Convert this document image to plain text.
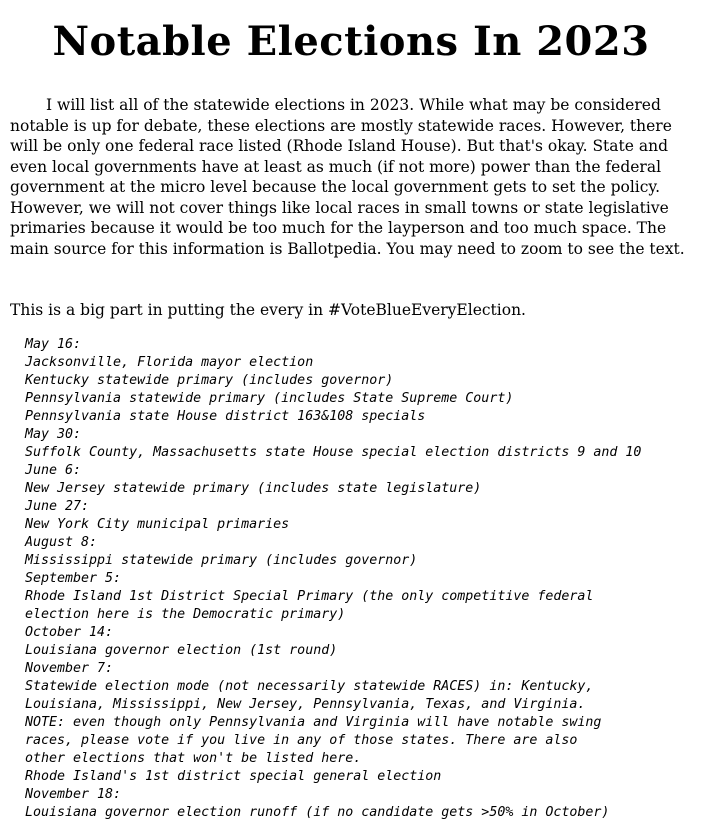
Notable Elections In 2023

I will list all of the statewide elections in 2023. While what may be considered notable is up for debate, these elections are mostly statewide races. However, there will be only one federal race listed (Rhode Island House). But that's okay. State and even local governments have at least as much (if not more) power than the federal government at the micro level because the local government gets to set the policy. However, we will not cover things like local races in small towns or state legislative primaries because it would be too much for the layperson and too much space. The main source for this information is Ballotpedia. You may need to zoom to see the text.

This is a big part in putting the every in #VoteBlueEveryElection.

May 16:
Jacksonville, Florida mayor election
Kentucky statewide primary (includes governor)
Pennsylvania statewide primary (includes State Supreme Court)
Pennsylvania state House district 163&108 specials
May 30:
Suffolk County, Massachusetts state House special election districts 9 and 10
June 6:
New Jersey statewide primary (includes state legislature)
June 27:
New York City municipal primaries
August 8:
Mississippi statewide primary (includes governor)
September 5:
Rhode Island 1st District Special Primary (the only competitive federal
election here is the Democratic primary)
October 14:
Louisiana governor election (1st round)
November 7:
Statewide election mode (not necessarily statewide RACES) in: Kentucky,
Louisiana, Mississippi, New Jersey, Pennsylvania, Texas, and Virginia.
NOTE: even though only Pennsylvania and Virginia will have notable swing
races, please vote if you live in any of those states. There are also
other elections that won't be listed here.
Rhode Island's 1st district special general election
November 18:
Louisiana governor election runoff (if no candidate gets >50% in October)
